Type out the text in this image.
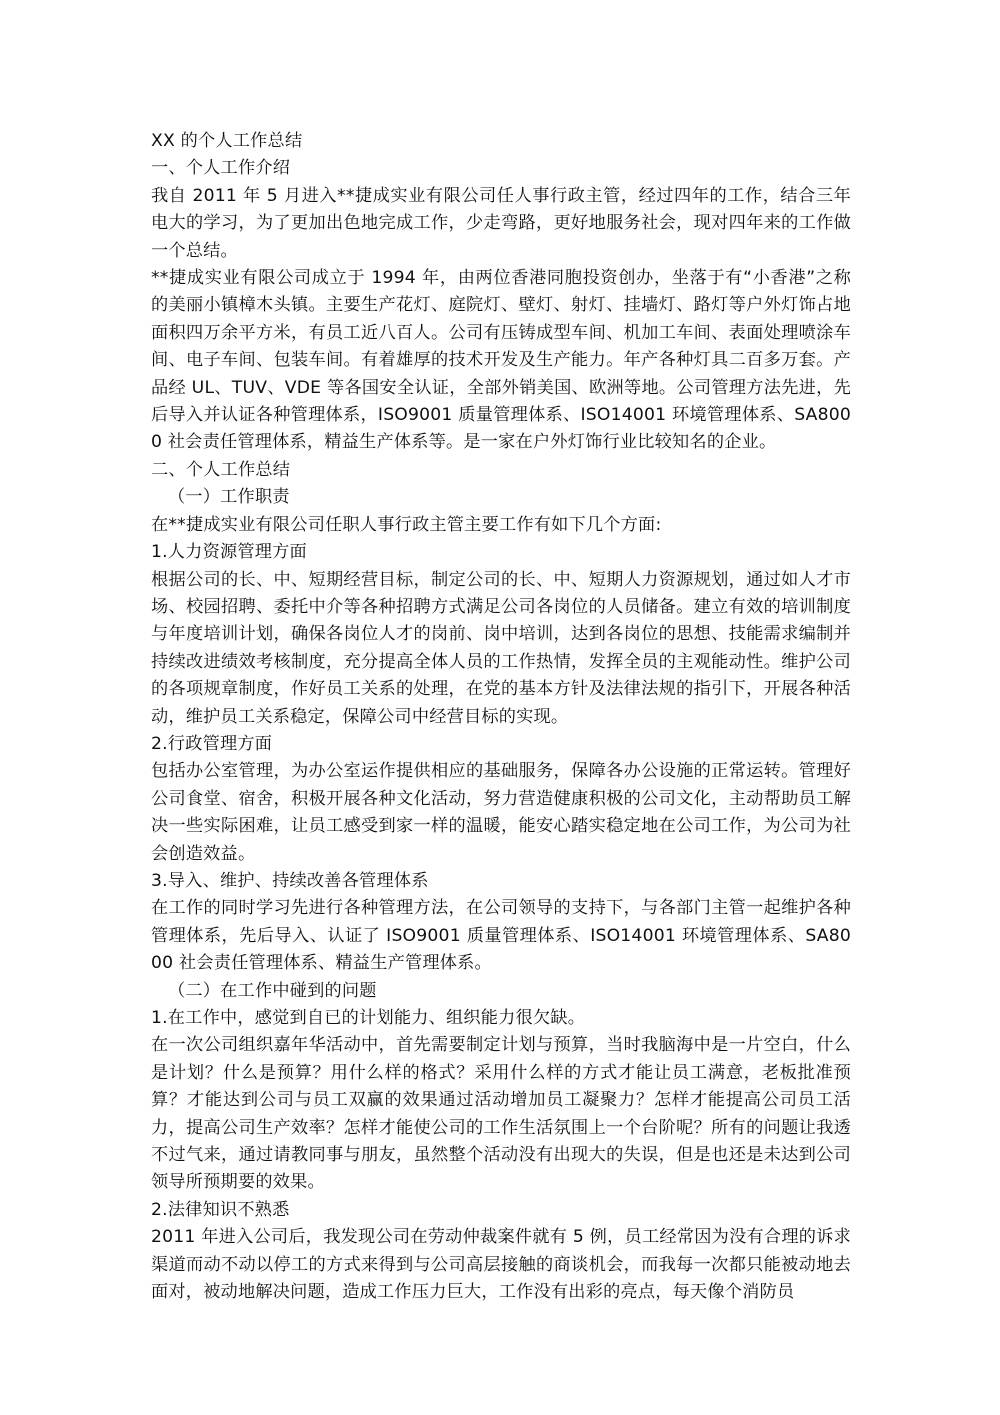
XX 的个人工作总结

一、个人工作介绍

我自 2011 年 5 月进入**捷成实业有限公司任人事行政主管，经过四年的工作，结合三年电大的学习，为了更加出色地完成工作，少走弯路，更好地服务社会，现对四年来的工作做一个总结。

**捷成实业有限公司成立于 1994 年，由两位香港同胞投资创办，坐落于有“小香港”之称的美丽小镇樟木头镇。主要生产花灯、庭院灯、壁灯、射灯、挂墙灯、路灯等户外灯饰占地面积四万余平方米，有员工近八百人。公司有压铸成型车间、机加工车间、表面处理喷涂车间、电子车间、包装车间。有着雄厚的技术开发及生产能力。年产各种灯具二百多万套。产品经 UL、TUV、VDE 等各国安全认证，全部外销美国、欧洲等地。公司管理方法先进，先后导入并认证各种管理体系，ISO9001 质量管理体系、ISO14001 环境管理体系、SA8000 社会责任管理体系，精益生产体系等。是一家在户外灯饰行业比较知名的企业。

二、个人工作总结

（一）工作职责

在**捷成实业有限公司任职人事行政主管主要工作有如下几个方面:

1.人力资源管理方面

根据公司的长、中、短期经营目标，制定公司的长、中、短期人力资源规划，通过如人才市场、校园招聘、委托中介等各种招聘方式满足公司各岗位的人员储备。建立有效的培训制度与年度培训计划，确保各岗位人才的岗前、岗中培训，达到各岗位的思想、技能需求编制并持续改进绩效考核制度，充分提高全体人员的工作热情，发挥全员的主观能动性。维护公司的各项规章制度，作好员工关系的处理，在党的基本方针及法律法规的指引下，开展各种活动，维护员工关系稳定，保障公司中经营目标的实现。

2.行政管理方面

包括办公室管理，为办公室运作提供相应的基础服务，保障各办公设施的正常运转。管理好公司食堂、宿舍，积极开展各种文化活动，努力营造健康积极的公司文化，主动帮助员工解决一些实际困难，让员工感受到家一样的温暖，能安心踏实稳定地在公司工作，为公司为社会创造效益。

3.导入、维护、持续改善各管理体系

在工作的同时学习先进行各种管理方法，在公司领导的支持下，与各部门主管一起维护各种管理体系，先后导入、认证了 ISO9001 质量管理体系、ISO14001 环境管理体系、SA8000 社会责任管理体系、精益生产管理体系。

（二）在工作中碰到的问题

1.在工作中，感觉到自已的计划能力、组织能力很欠缺。

在一次公司组织嘉年华活动中，首先需要制定计划与预算，当时我脑海中是一片空白，什么是计划？什么是预算？用什么样的格式？采用什么样的方式才能让员工满意，老板批准预算？才能达到公司与员工双赢的效果通过活动增加员工凝聚力？怎样才能提高公司员工活力，提高公司生产效率？怎样才能使公司的工作生活氛围上一个台阶呢？所有的问题让我透不过气来，通过请教同事与朋友，虽然整个活动没有出现大的失误，但是也还是未达到公司领导所预期要的效果。

2.法律知识不熟悉

2011 年进入公司后，我发现公司在劳动仲裁案件就有 5 例，员工经常因为没有合理的诉求渠道而动不动以停工的方式来得到与公司高层接触的商谈机会，而我每一次都只能被动地去面对，被动地解决问题，造成工作压力巨大，工作没有出彩的亮点，每天像个消防员
